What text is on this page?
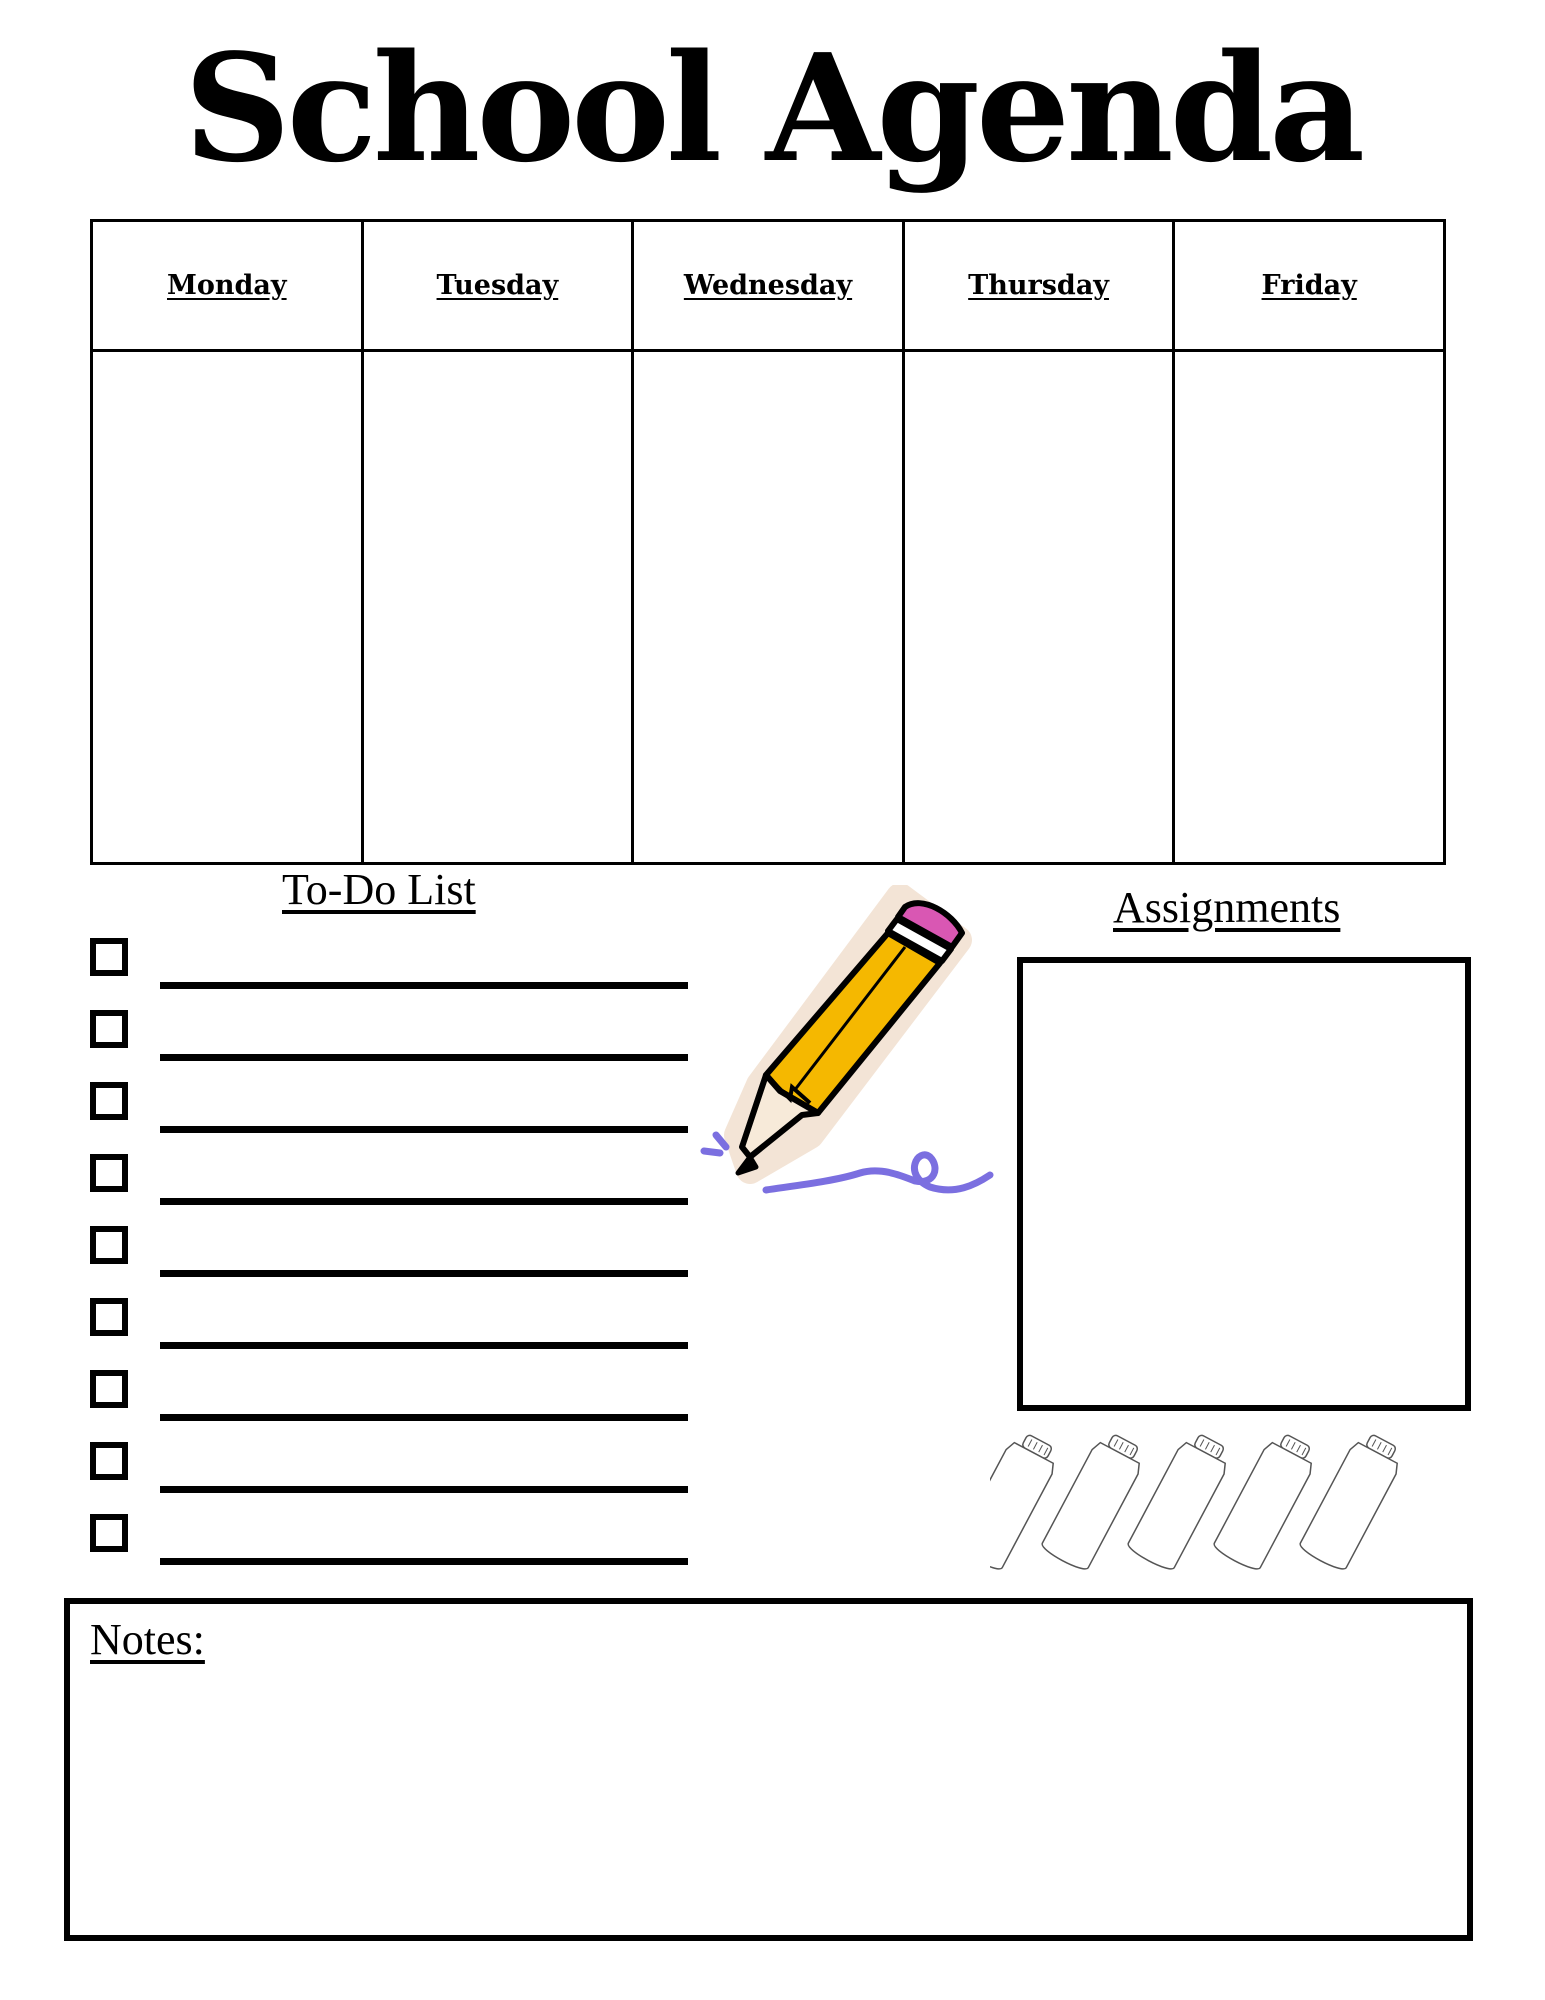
School Agenda
Monday	Tuesday	Wednesday	Thursday	Friday
To-Do List	Assignments
Notes:
